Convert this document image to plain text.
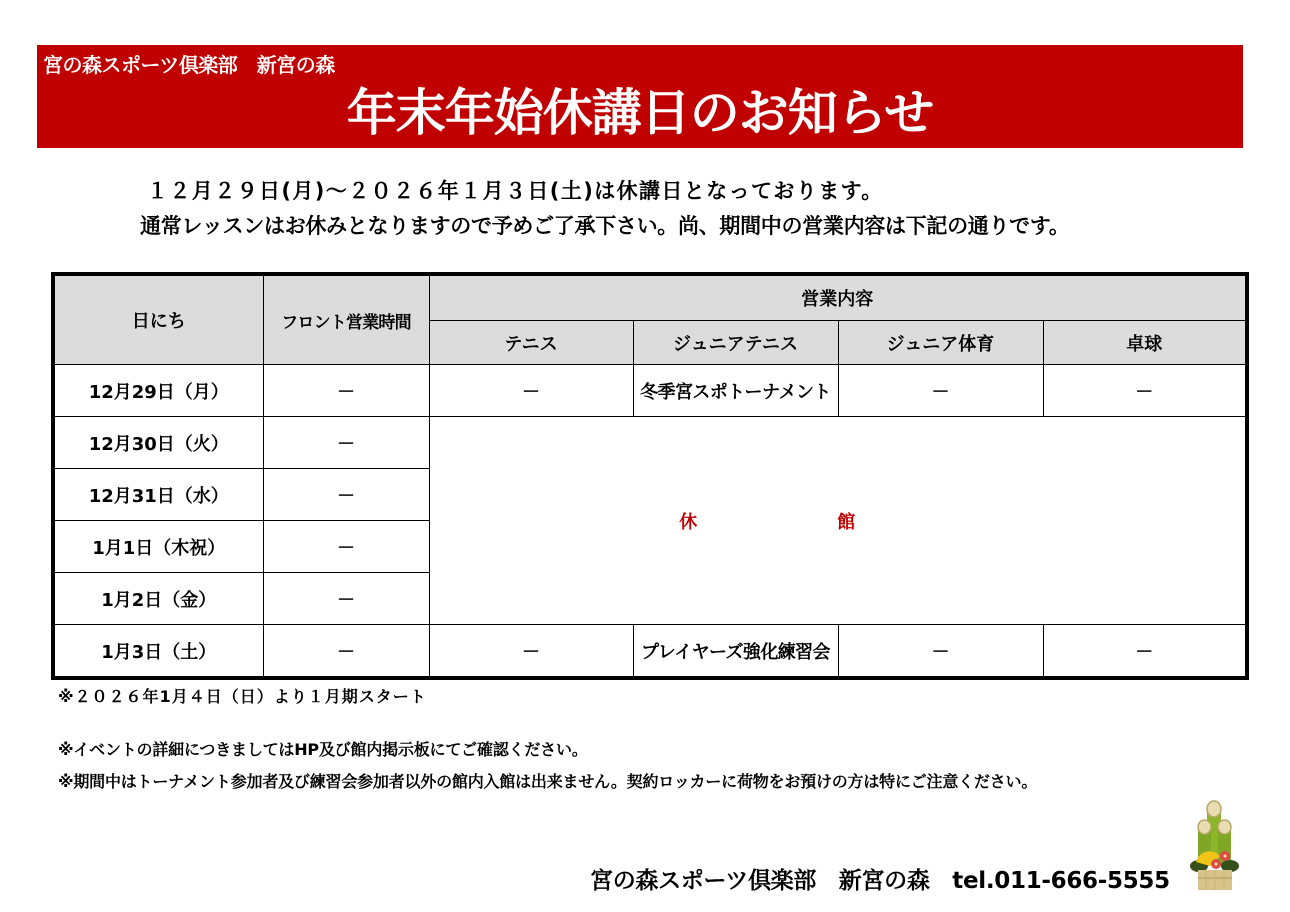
宮の森スポーツ倶楽部　新宮の森
年末年始休講日のお知らせ
１２月２９日(月)～２０２６年１月３日(土)は休講日となっております。
通常レッスンはお休みとなりますので予めご了承下さい。尚、期間中の営業内容は下記の通りです。
日にち	フロント営業時間	営業内容			
		テニス	ジュニアテニス	ジュニア体育	卓球
12月29日（月）	－	－	冬季宮スポトーナメント	－	－
12月30日（火）	－	休館			
12月31日（水）	－				
1月1日（木祝）	－				
1月2日（金）	－				
1月3日（土）	－	－	プレイヤーズ強化練習会	－	－
※２０２６年1月４日（日）より１月期スタート
※イベントの詳細につきましてはHP及び館内掲示板にてご確認ください。
※期間中はトーナメント参加者及び練習会参加者以外の館内入館は出来ません。契約ロッカーに荷物をお預けの方は特にご注意ください。
宮の森スポーツ倶楽部　新宮の森　tel.011-666-5555
